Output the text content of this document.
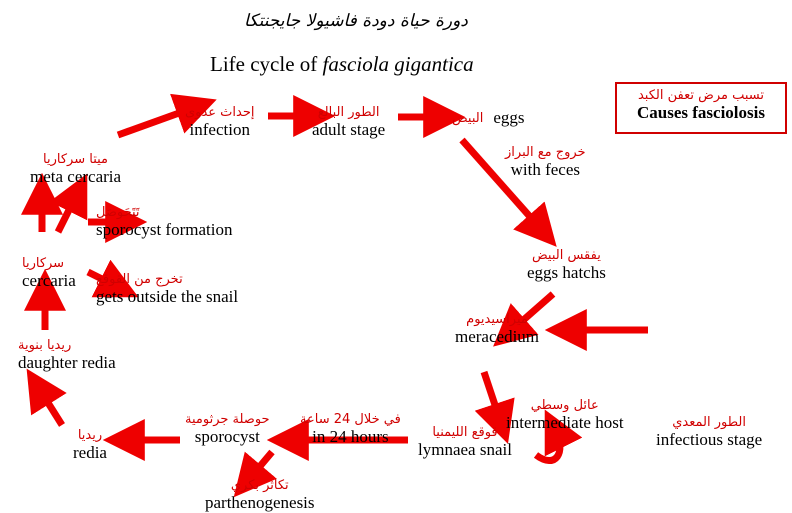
دورة حياة دودة فاشيولا جايجنتكا
Life cycle of fasciola gigantica
تسبب مرض تعفن الكبد
Causes fasciolosis
إحداث عدوى
infection
الطور البالغ
adult stage
البيض eggs
خروج مع البراز
with feces
يفقس البيض
eggs hatchs
ميراسيديوم
meracedium
عائل وسطي
intermediate host	الطور المعدي
infectious stage
قوقع الليمنيا
lymnaea snail
في خلال 24 ساعة
in 24 hours
حوصلة جرثومية
sporocyst
تكاثر بكري
parthenogenesis
ريديا
redia
ريديا بنوية
daughter redia
سركاريا
cercaria تخرج من القوقع
gets outside the snail
تَتَحَوصَل
sporocyst formation
ميتا سركاريا
meta cercaria
